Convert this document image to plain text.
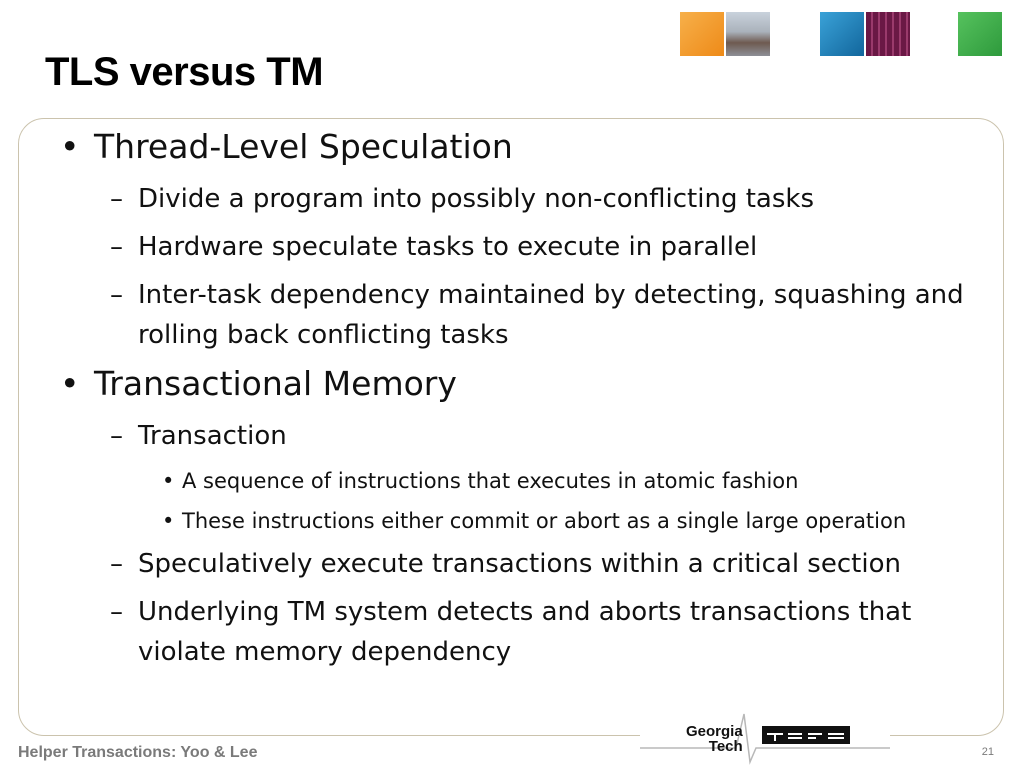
TLS versus TM
• Thread-Level Speculation
– Divide a program into possibly non-conflicting tasks
– Hardware speculate tasks to execute in parallel
– Inter-task dependency maintained by detecting, squashing and rolling back conflicting tasks
• Transactional Memory
– Transaction
• A sequence of instructions that executes in atomic fashion
• These instructions either commit or abort as a single large operation
– Speculatively execute transactions within a critical section
– Underlying TM system detects and aborts transactions that violate memory dependency
Helper Transactions: Yoo & Lee	21
Georgia
Tech
